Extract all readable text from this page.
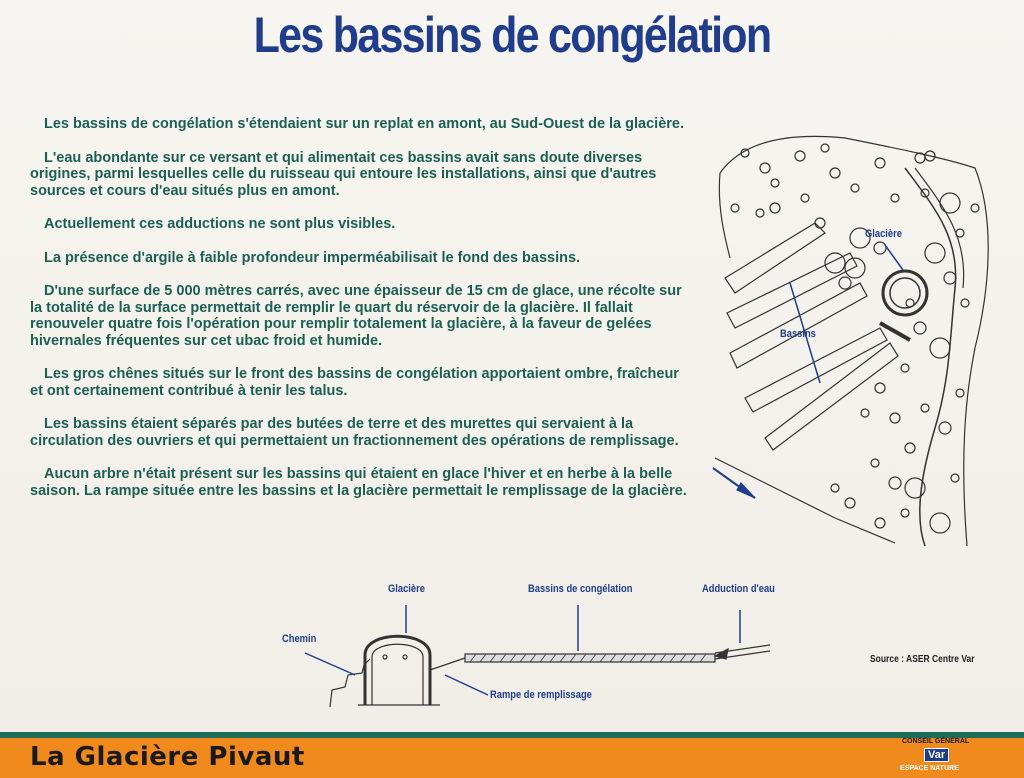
Les bassins de congélation

Les bassins de congélation s'étendaient sur un replat en amont, au Sud-Ouest de la glacière.

L'eau abondante sur ce versant et qui alimentait ces bassins avait sans doute diverses origines, parmi lesquelles celle du ruisseau qui entoure les installations, ainsi que d'autres sources et cours d'eau situés plus en amont.

Actuellement ces adductions ne sont plus visibles.

La présence d'argile à faible profondeur imperméabilisait le fond des bassins.

D'une surface de 5 000 mètres carrés, avec une épaisseur de 15 cm de glace, une récolte sur la totalité de la surface permettait de remplir le quart du réservoir de la glacière. Il fallait renouveler quatre fois l'opération pour remplir totalement la glacière, à la faveur de gelées hivernales fréquentes sur cet ubac froid et humide.

Les gros chênes situés sur le front des bassins de congélation apportaient ombre, fraîcheur et ont certainement contribué à tenir les talus.

Les bassins étaient séparés par des butées de terre et des murettes qui servaient à la circulation des ouvriers et qui permettaient un fractionnement des opérations de remplissage.

Aucun arbre n'était présent sur les bassins qui étaient en glace l'hiver et en herbe à la belle saison. La rampe située entre les bassins et la glacière permettait le remplissage de la glacière.

Glacière
Bassins
Glacière	Bassins de congélation	Adduction d'eau
Chemin
Rampe de remplissage
Source : ASER Centre Var
La Glacière Pivaut
CONSEIL GÉNÉRAL
Var
ESPACE NATURE
